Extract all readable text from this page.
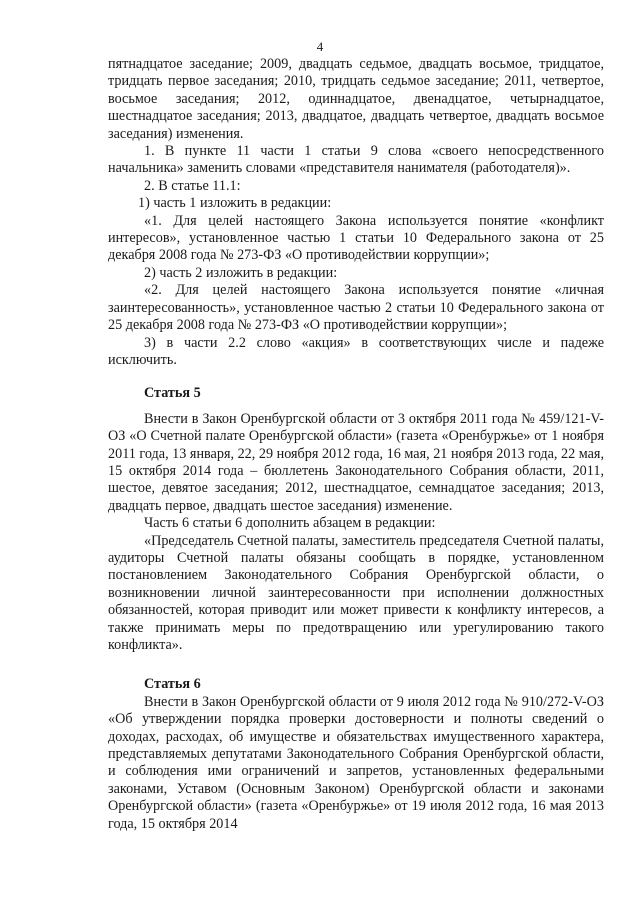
4

пятнадцатое заседание; 2009, двадцать седьмое, двадцать восьмое, тридцатое, тридцать первое заседания; 2010, тридцать седьмое заседание; 2011, четвертое, восьмое заседания; 2012, одиннадцатое, двенадцатое, четырнадцатое, шестнадцатое заседания; 2013, двадцатое, двадцать четвертое, двадцать восьмое заседания) изменения.

1. В пункте 11 части 1 статьи 9 слова «своего непосредственного начальника» заменить словами «представителя нанимателя (работодателя)».

2. В статье 11.1:

1) часть 1 изложить в редакции:

«1. Для целей настоящего Закона используется понятие «конфликт интересов», установленное частью 1 статьи 10 Федерального закона от 25 декабря 2008 года № 273-ФЗ «О противодействии коррупции»;

2) часть 2 изложить в редакции:

«2. Для целей настоящего Закона используется понятие «личная заинтересованность», установленное частью 2 статьи 10 Федерального закона от 25 декабря 2008 года № 273-ФЗ «О противодействии коррупции»;

3) в части 2.2 слово «акция» в соответствующих числе и падеже исключить.

Статья 5

Внести в Закон Оренбургской области от 3 октября 2011 года № 459/121-V-ОЗ «О Счетной палате Оренбургской области» (газета «Оренбуржье» от 1 ноября 2011 года, 13 января, 22, 29 ноября 2012 года, 16 мая, 21 ноября 2013 года, 22 мая, 15 октября 2014 года – бюллетень Законодательного Собрания области, 2011, шестое, девятое заседания; 2012, шестнадцатое, семнадцатое заседания; 2013, двадцать первое, двадцать шестое заседания) изменение.

Часть 6 статьи 6 дополнить абзацем в редакции:

«Председатель Счетной палаты, заместитель председателя Счетной палаты, аудиторы Счетной палаты обязаны сообщать в порядке, установленном постановлением Законодательного Собрания Оренбургской области, о возникновении личной заинтересованности при исполнении должностных обязанностей, которая приводит или может привести к конфликту интересов, а также принимать меры по предотвращению или урегулированию такого конфликта».

Статья 6

Внести в Закон Оренбургской области от 9 июля 2012 года № 910/272-V-ОЗ «Об утверждении порядка проверки достоверности и полноты сведений о доходах, расходах, об имуществе и обязательствах имущественного характера, представляемых депутатами Законодательного Собрания Оренбургской области, и соблюдения ими ограничений и запретов, установленных федеральными законами, Уставом (Основным Законом) Оренбургской области и законами Оренбургской области» (газета «Оренбуржье» от 19 июля 2012 года, 16 мая 2013 года, 15 октября 2014
